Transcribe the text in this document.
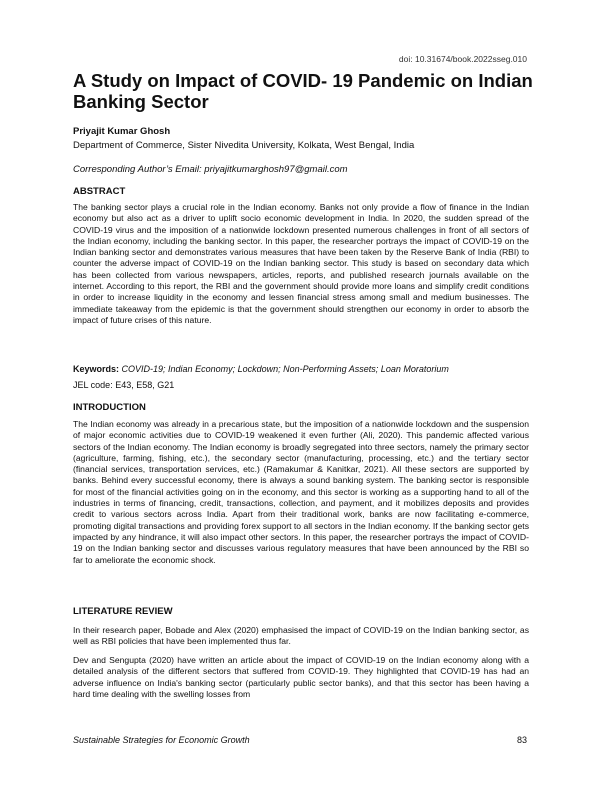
doi: 10.31674/book.2022sseg.010
A Study on Impact of COVID- 19 Pandemic on Indian Banking Sector
Priyajit Kumar Ghosh
Department of Commerce, Sister Nivedita University, Kolkata, West Bengal, India
Corresponding Author’s Email: priyajitkumarghosh97@gmail.com
ABSTRACT

The banking sector plays a crucial role in the Indian economy. Banks not only provide a flow of finance in the Indian economy but also act as a driver to uplift socio economic development in India. In 2020, the sudden spread of the COVID-19 virus and the imposition of a nationwide lockdown presented numerous challenges in front of all sectors of the Indian economy, including the banking sector. In this paper, the researcher portrays the impact of COVID-19 on the Indian banking sector and demonstrates various measures that have been taken by the Reserve Bank of India (RBI) to counter the adverse impact of COVID-19 on the Indian banking sector. This study is based on secondary data which has been collected from various newspapers, articles, reports, and published research journals available on the internet. According to this report, the RBI and the government should provide more loans and simplify credit conditions in order to increase liquidity in the economy and lessen financial stress among small and medium businesses. The immediate takeaway from the epidemic is that the government should strengthen our economy in order to absorb the impact of future crises of this nature.

Keywords: COVID-19; Indian Economy; Lockdown; Non-Performing Assets; Loan Moratorium
JEL code: E43, E58, G21
INTRODUCTION

The Indian economy was already in a precarious state, but the imposition of a nationwide lockdown and the suspension of major economic activities due to COVID-19 weakened it even further (Ali, 2020). This pandemic affected various sectors of the Indian economy. The Indian economy is broadly segregated into three sectors, namely the primary sector (agriculture, farming, fishing, etc.), the secondary sector (manufacturing, processing, etc.) and the tertiary sector (financial services, transportation services, etc.) (Ramakumar & Kanitkar, 2021). All these sectors are supported by banks. Behind every successful economy, there is always a sound banking system. The banking sector is responsible for most of the financial activities going on in the economy, and this sector is working as a supporting hand to all of the industries in terms of financing, credit, transactions, collection, and payment, and it mobilizes deposits and provides credit to various sectors across India. Apart from their traditional work, banks are now facilitating e-commerce, promoting digital transactions and providing forex support to all sectors in the Indian economy. If the banking sector gets impacted by any hindrance, it will also impact other sectors. In this paper, the researcher portrays the impact of COVID-19 on the Indian banking sector and discusses various regulatory measures that have been announced by the RBI so far to ameliorate the economic shock.

LITERATURE REVIEW

In their research paper, Bobade and Alex (2020) emphasised the impact of COVID-19 on the Indian banking sector, as well as RBI policies that have been implemented thus far.

Dev and Sengupta (2020) have written an article about the impact of COVID-19 on the Indian economy along with a detailed analysis of the different sectors that suffered from COVID-19. They highlighted that COVID-19 has had an adverse influence on India's banking sector (particularly public sector banks), and that this sector has been having a hard time dealing with the swelling losses from

Sustainable Strategies for Economic Growth	83
